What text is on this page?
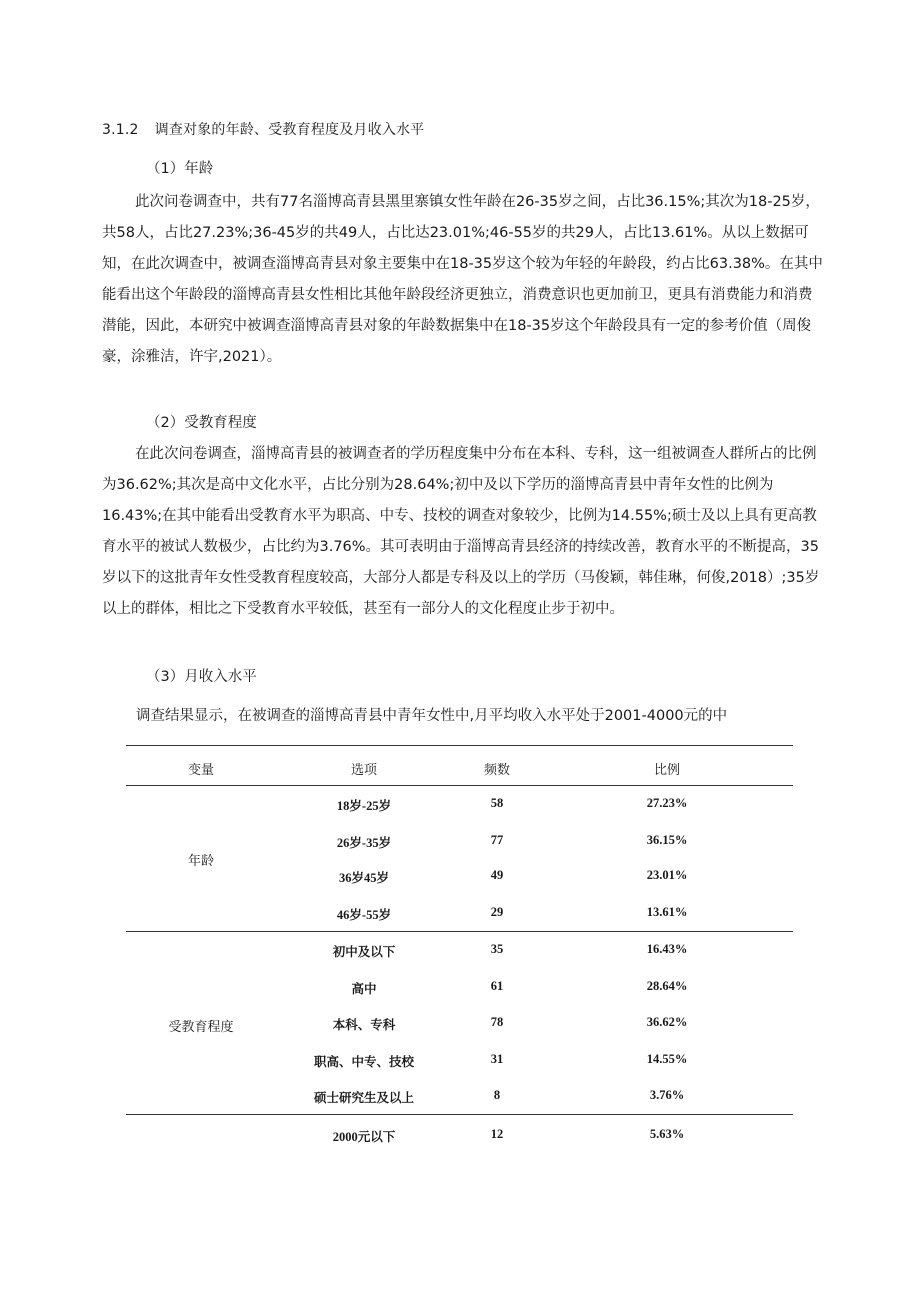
3.1.2 调查对象的年龄、受教育程度及月收入水平
（1）年龄

此次问卷调查中，共有77名淄博高青县黑里寨镇女性年龄在26-35岁之间，占比36.15%;其次为18-25岁，共58人，占比27.23%;36-45岁的共49人，占比达23.01%;46-55岁的共29人，占比13.61%。从以上数据可知，在此次调查中，被调查淄博高青县对象主要集中在18-35岁这个较为年轻的年龄段，约占比63.38%。在其中能看出这个年龄段的淄博高青县女性相比其他年龄段经济更独立，消费意识也更加前卫，更具有消费能力和消费潜能，因此，本研究中被调查淄博高青县对象的年龄数据集中在18-35岁这个年龄段具有一定的参考价值（周俊豪，涂雅洁，许宇,2021）。

（2）受教育程度

在此次问卷调查，淄博高青县的被调查者的学历程度集中分布在本科、专科，这一组被调查人群所占的比例为36.62%;其次是高中文化水平，占比分别为28.64%;初中及以下学历的淄博高青县中青年女性的比例为16.43%;在其中能看出受教育水平为职高、中专、技校的调查对象较少，比例为14.55%;硕士及以上具有更高教育水平的被试人数极少，占比约为3.76%。其可表明由于淄博高青县经济的持续改善，教育水平的不断提高，35岁以下的这批青年女性受教育程度较高，大部分人都是专科及以上的学历（马俊颖，韩佳琳，何俊,2018）;35岁以上的群体，相比之下受教育水平较低，甚至有一部分人的文化程度止步于初中。

（3）月收入水平
调查结果显示，在被调查的淄博高青县中青年女性中,月平均收入水平处于2001-4000元的中
变量	选项	频数	比例
年龄
18岁-25岁	58	27.23%
26岁-35岁	77	36.15%
36岁45岁	49	23.01%
46岁-55岁	29	13.61%
受教育程度
初中及以下	35	16.43%
高中	61	28.64%
本科、专科	78	36.62%
职高、中专、技校	31	14.55%
硕士研究生及以上	8	3.76%
2000元以下	12	5.63%
